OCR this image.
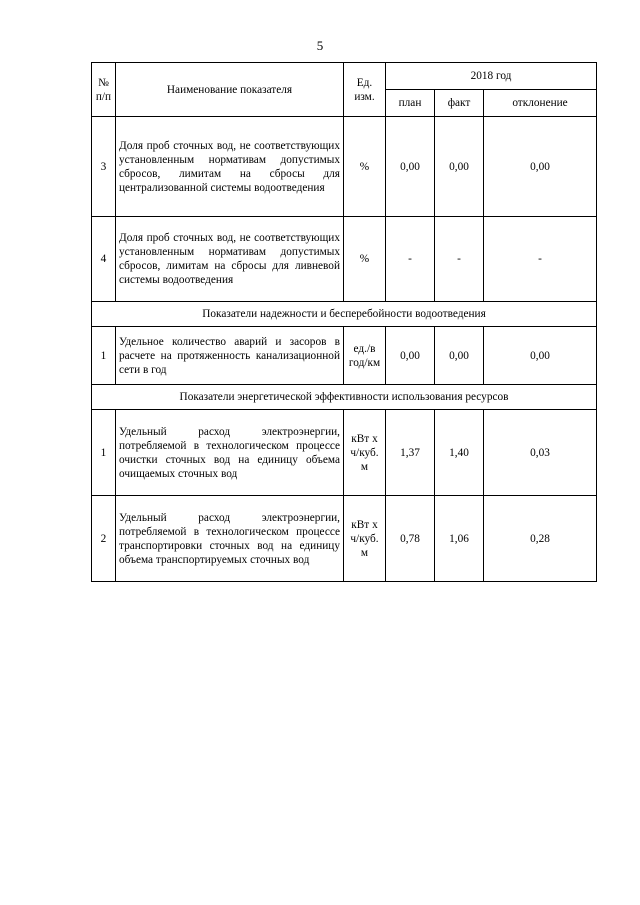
5
№ п/п	Наименование показателя	Ед. изм.	2018 год		
			план	факт	отклонение
3	Доля проб сточных вод, не соответствующих установленным нормативам допустимых сбросов, лимитам на сбросы для централизованной системы водоотведения	%	0,00	0,00	0,00
4	Доля проб сточных вод, не соответствующих установленным нормативам допустимых сбросов, лимитам на сбросы для ливневой системы водоотведения	%	-	-	-
Показатели надежности и бесперебойности водоотведения					
1	Удельное количество аварий и засоров в расчете на протяженность канализационной сети в год	ед./в год/км	0,00	0,00	0,00
Показатели энергетической эффективности использования ресурсов					
1	Удельный расход электроэнергии, потребляемой в технологическом процессе очистки сточных вод на единицу объема очищаемых сточных вод	кВт х ч/куб. м	1,37	1,40	0,03
2	Удельный расход электроэнергии, потребляемой в технологическом процессе транспортировки сточных вод на единицу объема транспортируемых сточных вод	кВт х ч/куб. м	0,78	1,06	0,28
